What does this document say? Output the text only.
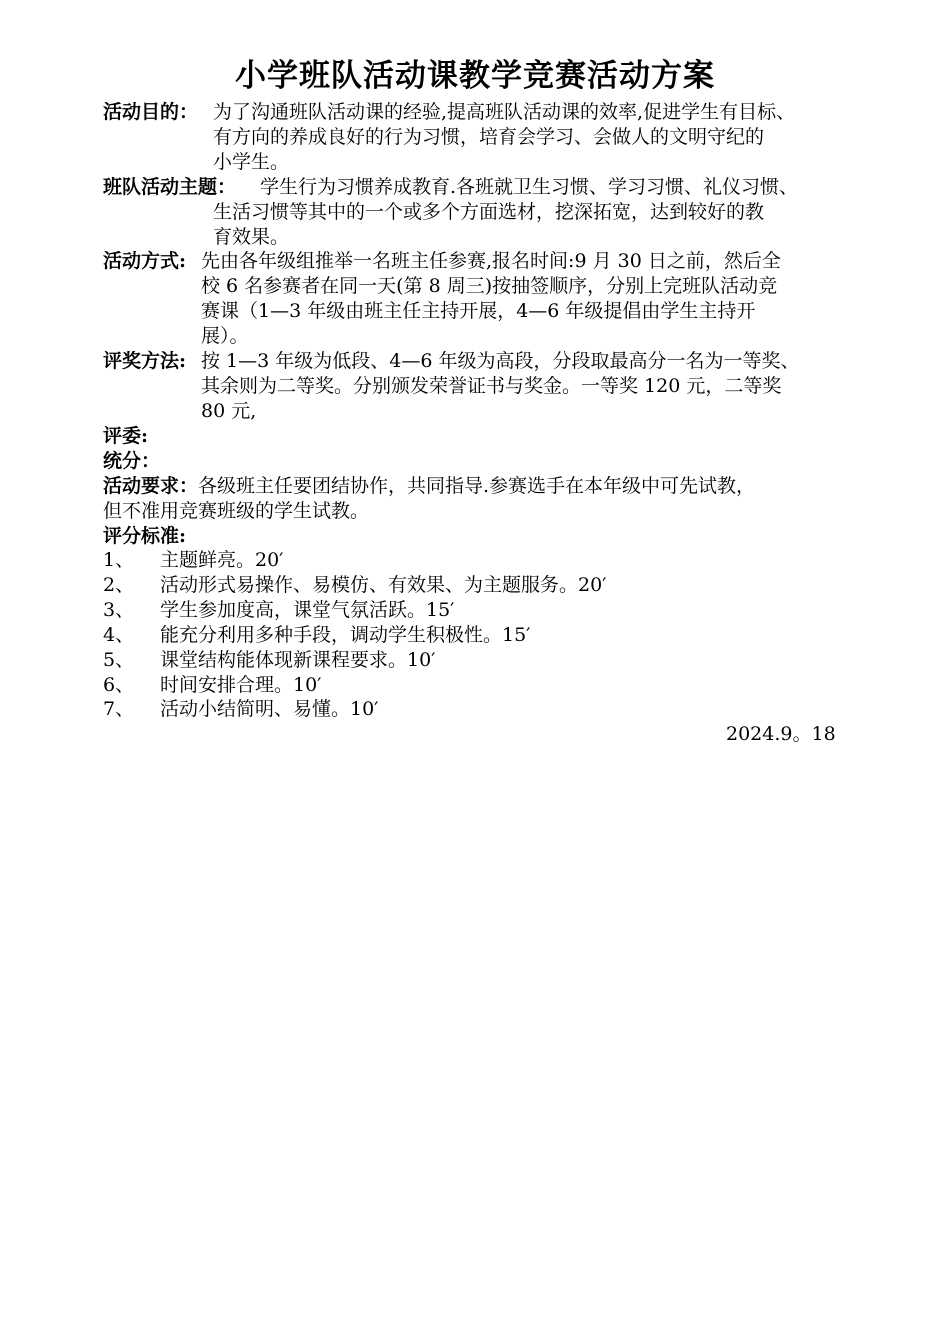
小学班队活动课教学竞赛活动方案
活动目的： 为了沟通班队活动课的经验,提高班队活动课的效率,促进学生有目标、
有方向的养成良好的行为习惯，培育会学习、会做人的文明守纪的
小学生。
班队活动主题： 学生行为习惯养成教育.各班就卫生习惯、学习习惯、礼仪习惯、
生活习惯等其中的一个或多个方面选材，挖深拓宽，达到较好的教
育效果。
活动方式: 先由各年级组推举一名班主任参赛,报名时间:9 月 30 日之前，然后全
校 6 名参赛者在同一天(第 8 周三)按抽签顺序，分别上完班队活动竞
赛课（1—3 年级由班主任主持开展，4—6 年级提倡由学生主持开
展）。
评奖方法: 按 1—3 年级为低段、4—6 年级为高段，分段取最高分一名为一等奖、
其余则为二等奖。分别颁发荣誉证书与奖金。一等奖 120 元，二等奖
80 元,
评委:
统分：
活动要求：各级班主任要团结协作，共同指导.参赛选手在本年级中可先试教，
但不准用竞赛班级的学生试教。
评分标准:
1、 主题鲜亮。20′
2、 活动形式易操作、易模仿、有效果、为主题服务。20′
3、 学生参加度高，课堂气氛活跃。15′
4、 能充分利用多种手段，调动学生积极性。15′
5、 课堂结构能体现新课程要求。10′
6、 时间安排合理。10′
7、 活动小结简明、易懂。10′
2024.9。18
